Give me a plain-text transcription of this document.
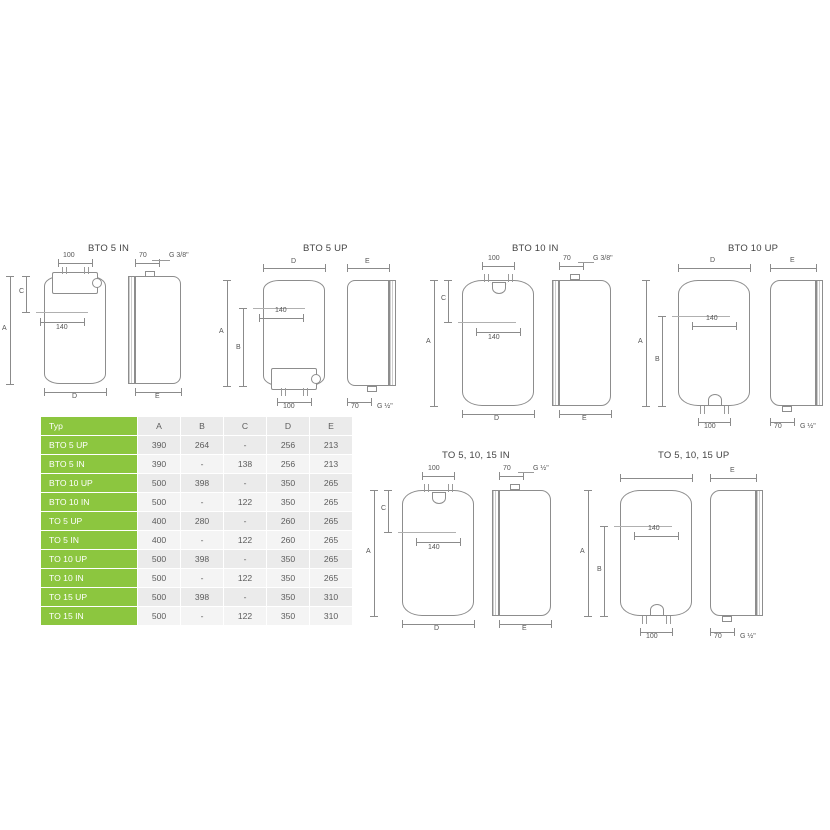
BTO 5 IN
100
A
C
140
D
70	G 3/8"
E
BTO 5 UP
D
A
B
140
100
E
70	G ½"
BTO 10 IN
100
A
C
140
D
70	G 3/8"
E
BTO 10 UP
D
A
B
140
100
E
70	G ½"
TO 5, 10, 15 IN
100
A
C
140
D
70	G ½"
E
TO 5, 10, 15 UP
A
B
140
100
E
70	G ½"
Typ	A	B	C	D	E
BTO 5 UP	390	264	-	256	213
BTO 5 IN	390	-	138	256	213
BTO 10 UP	500	398	-	350	265
BTO 10 IN	500	-	122	350	265
TO 5 UP	400	280	-	260	265
TO 5 IN	400	-	122	260	265
TO 10 UP	500	398	-	350	265
TO 10 IN	500	-	122	350	265
TO 15 UP	500	398	-	350	310
TO 15 IN	500	-	122	350	310
